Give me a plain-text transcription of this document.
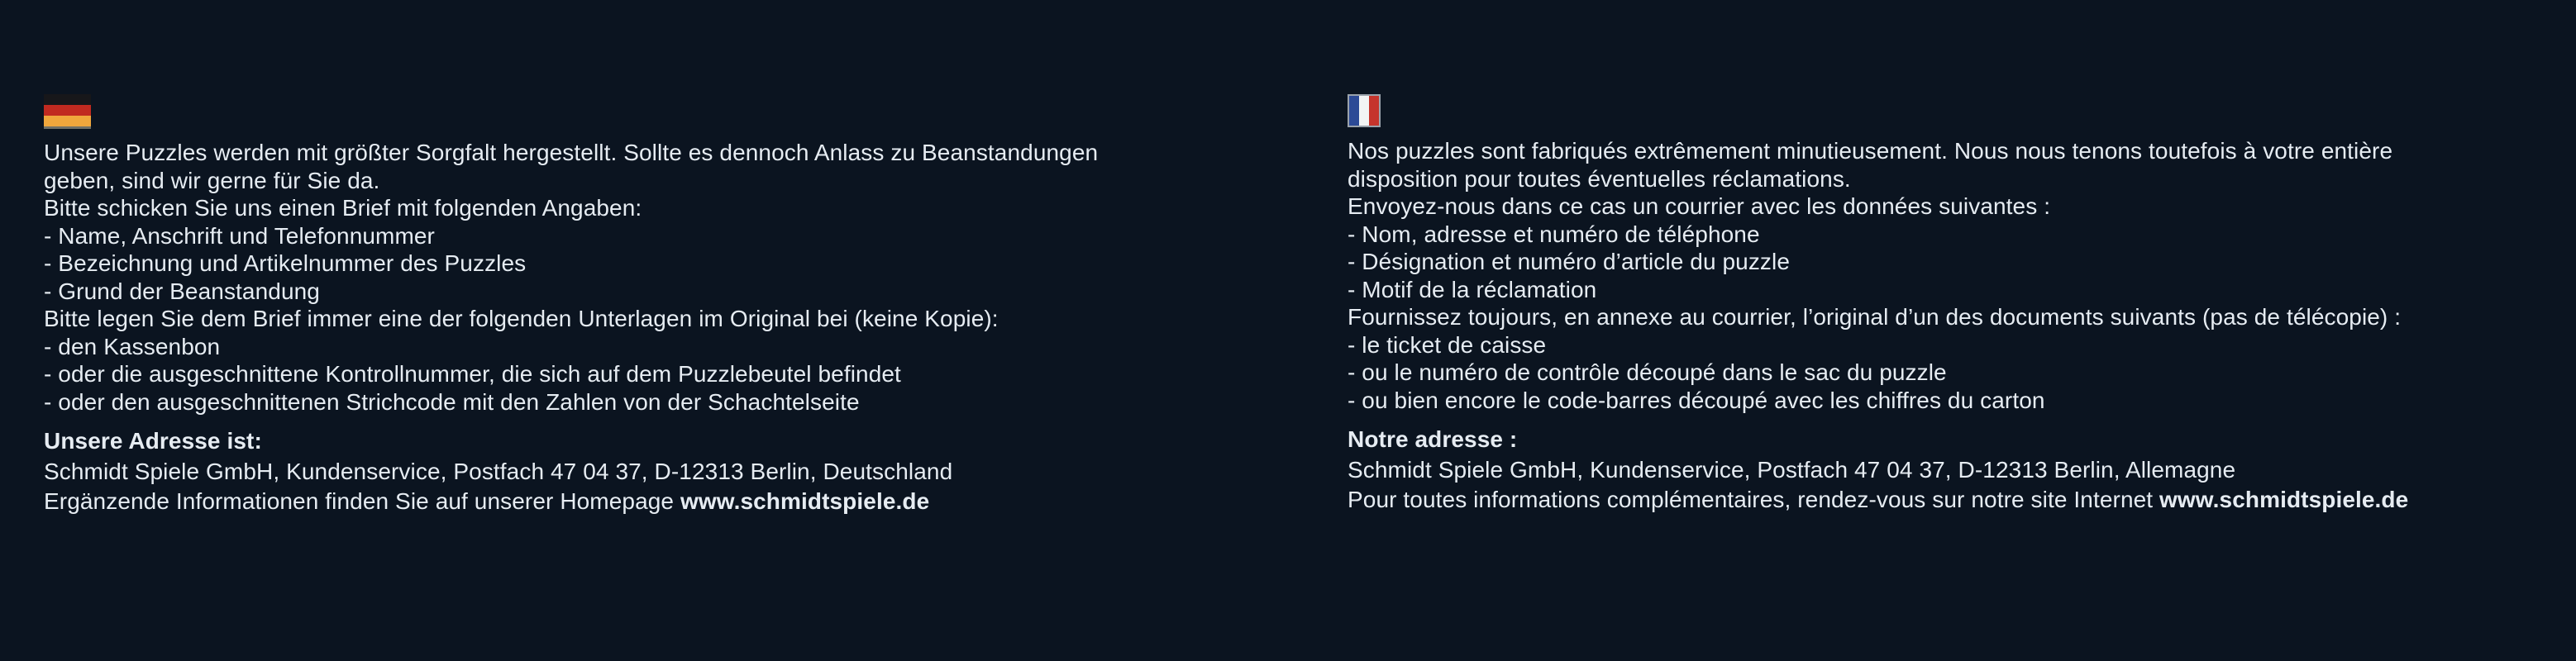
Unsere Puzzles werden mit größter Sorgfalt hergestellt. Sollte es dennoch Anlass zu Beanstandungen

geben, sind wir gerne für Sie da.

Bitte schicken Sie uns einen Brief mit folgenden Angaben:

- Name, Anschrift und Telefonnummer

- Bezeichnung und Artikelnummer des Puzzles

- Grund der Beanstandung

Bitte legen Sie dem Brief immer eine der folgenden Unterlagen im Original bei (keine Kopie):

- den Kassenbon

- oder die ausgeschnittene Kontrollnummer, die sich auf dem Puzzlebeutel befindet

- oder den ausgeschnittenen Strichcode mit den Zahlen von der Schachtelseite

Unsere Adresse ist:

Schmidt Spiele GmbH, Kundenservice, Postfach 47 04 37, D-12313 Berlin, Deutschland

Ergänzende Informationen finden Sie auf unserer Homepage www.schmidtspiele.de

Nos puzzles sont fabriqués extrêmement minutieusement. Nous nous tenons toutefois à votre entière

disposition pour toutes éventuelles réclamations.

Envoyez-nous dans ce cas un courrier avec les données suivantes :

- Nom, adresse et numéro de téléphone

- Désignation et numéro d’article du puzzle

- Motif de la réclamation

Fournissez toujours, en annexe au courrier, l’original d’un des documents suivants (pas de télécopie) :

- le ticket de caisse

- ou le numéro de contrôle découpé dans le sac du puzzle

- ou bien encore le code-barres découpé avec les chiffres du carton

Notre adresse :

Schmidt Spiele GmbH, Kundenservice, Postfach 47 04 37, D-12313 Berlin, Allemagne

Pour toutes informations complémentaires, rendez-vous sur notre site Internet www.schmidtspiele.de
